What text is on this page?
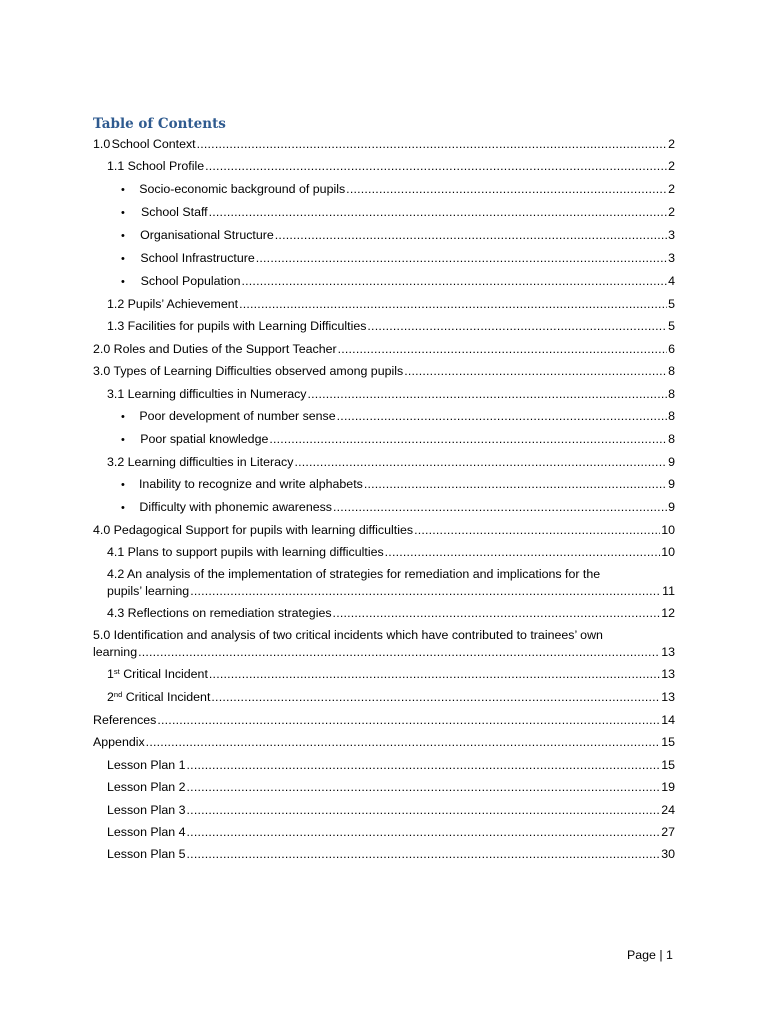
Table of Contents
1.0 School Context .....	2
1.1 School Profile .....	2
• Socio-economic background of pupils .....	2
• School Staff .....	2
• Organisational Structure .....	3
• School Infrastructure .....	3
• School Population .....	4
1.2 Pupils’ Achievement .....	5
1.3 Facilities for pupils with Learning Difficulties .....	5
2.0 Roles and Duties of the Support Teacher .....	6
3.0 Types of Learning Difficulties observed among pupils .....	8
3.1 Learning difficulties in Numeracy .....	8
• Poor development of number sense .....	8
• Poor spatial knowledge .....	8
3.2 Learning difficulties in Literacy .....	9
• Inability to recognize and write alphabets .....	9
• Difficulty with phonemic awareness .....	9
4.0 Pedagogical Support for pupils with learning difficulties .....	10
4.1 Plans to support pupils with learning difficulties .....	10
4.2 An analysis of the implementation of strategies for remediation and implications for the
pupils’ learning .....	11
4.3 Reflections on remediation strategies .....	12
5.0 Identification and analysis of two critical incidents which have contributed to trainees’ own
learning .....	13
1st Critical Incident .....	13
2nd Critical Incident .....	13
References .....	14
Appendix .....	15
Lesson Plan 1 .....	15
Lesson Plan 2 .....	19
Lesson Plan 3 .....	24
Lesson Plan 4 .....	27
Lesson Plan 5 .....	30
Page | 1
